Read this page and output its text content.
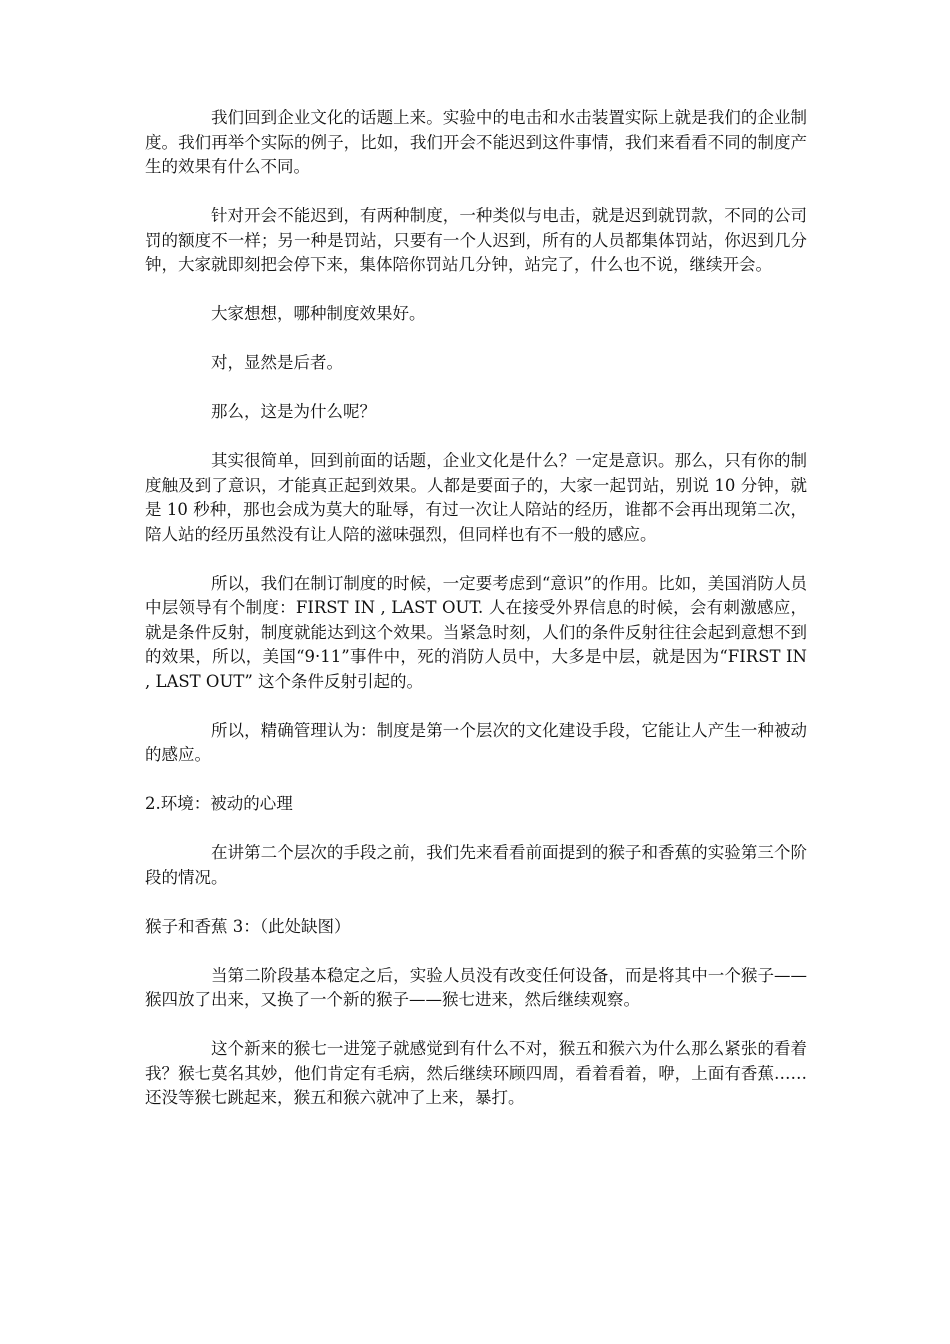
我们回到企业文化的话题上来。实验中的电击和水击装置实际上就是我们的企业制度。我们再举个实际的例子，比如，我们开会不能迟到这件事情，我们来看看不同的制度产生的效果有什么不同。

针对开会不能迟到，有两种制度，一种类似与电击，就是迟到就罚款，不同的公司罚的额度不一样；另一种是罚站，只要有一个人迟到，所有的人员都集体罚站，你迟到几分钟，大家就即刻把会停下来，集体陪你罚站几分钟，站完了，什么也不说，继续开会。

大家想想，哪种制度效果好。

对，显然是后者。

那么，这是为什么呢？

其实很简单，回到前面的话题，企业文化是什么？一定是意识。那么，只有你的制度触及到了意识，才能真正起到效果。人都是要面子的，大家一起罚站，别说 10 分钟，就是 10 秒种，那也会成为莫大的耻辱，有过一次让人陪站的经历，谁都不会再出现第二次，陪人站的经历虽然没有让人陪的滋味强烈，但同样也有不一般的感应。

所以，我们在制订制度的时候，一定要考虑到“意识”的作用。比如，美国消防人员中层领导有个制度：FIRST IN , LAST OUT. 人在接受外界信息的时候，会有刺激感应，就是条件反射，制度就能达到这个效果。当紧急时刻，人们的条件反射往往会起到意想不到的效果，所以，美国“9·11”事件中，死的消防人员中，大多是中层，就是因为“FIRST IN , LAST OUT” 这个条件反射引起的。

所以，精确管理认为：制度是第一个层次的文化建设手段，它能让人产生一种被动的感应。

2.环境：被动的心理

在讲第二个层次的手段之前，我们先来看看前面提到的猴子和香蕉的实验第三个阶段的情况。

猴子和香蕉 3：（此处缺图）

当第二阶段基本稳定之后，实验人员没有改变任何设备，而是将其中一个猴子——猴四放了出来，又换了一个新的猴子——猴七进来，然后继续观察。

这个新来的猴七一进笼子就感觉到有什么不对，猴五和猴六为什么那么紧张的看着我？猴七莫名其妙，他们肯定有毛病，然后继续环顾四周，看着看着，咿，上面有香蕉……还没等猴七跳起来，猴五和猴六就冲了上来，暴打。
